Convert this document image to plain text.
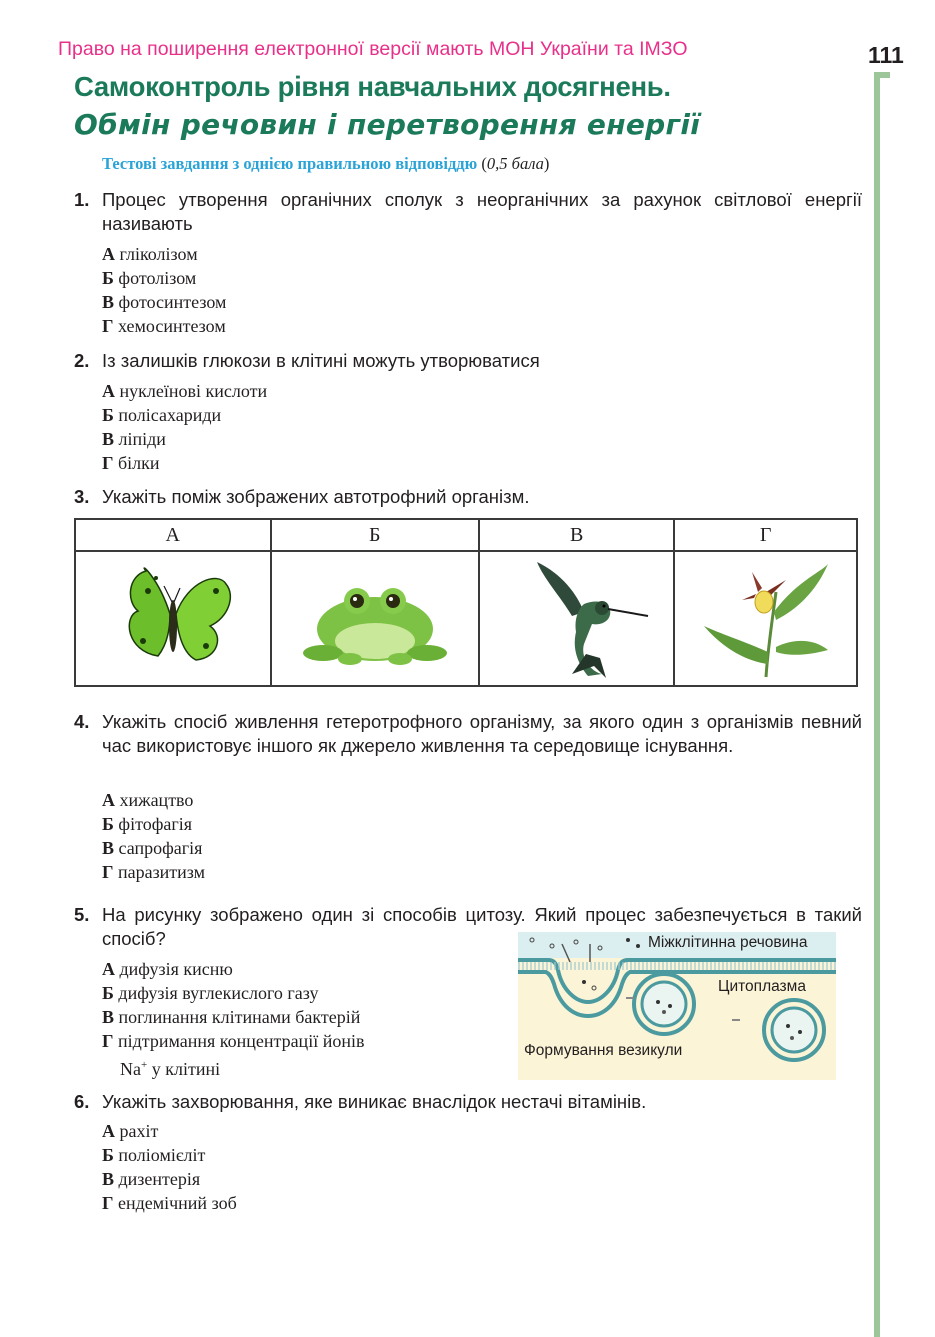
Право на поширення електронної версії мають МОН України та ІМЗО	111
Самоконтроль рівня навчальних досягнень.
Обмін речовин і перетворення енергії
Тестові завдання з однією правильною відповіддю (0,5 бала)
1. Процес утворення органічних сполук з неорганічних за рахунок світлової енергії називають
А гліколізом
Б фотолізом
В фотосинтезом
Г хемосинтезом
2. Із залишків глюкози в клітині можуть утворюватися
А нуклеїнові кислоти
Б полісахариди
В ліпіди
Г білки
3. Укажіть поміж зображених автотрофний організм.
А	Б	В	Г

4. Укажіть спосіб живлення гетеротрофного організму, за якого один з організмів певний час використовує іншого як джерело живлення та середовище існування.
А хижацтво
Б фітофагія
В сапрофагія
Г паразитизм
5. На рисунку зображено один зі способів цитозу. Який процес забезпечується в такий спосіб?
А дифузія кисню
Б дифузія вуглекислого газу
В поглинання клітинами бактерій
Г підтримання концентрації йонів
Na+ у клітині
Міжклітинна речовина
Цитоплазма
Формування везикули
6. Укажіть захворювання, яке виникає внаслідок нестачі вітамінів.
А рахіт
Б поліомієліт
В дизентерія
Г ендемічний зоб
